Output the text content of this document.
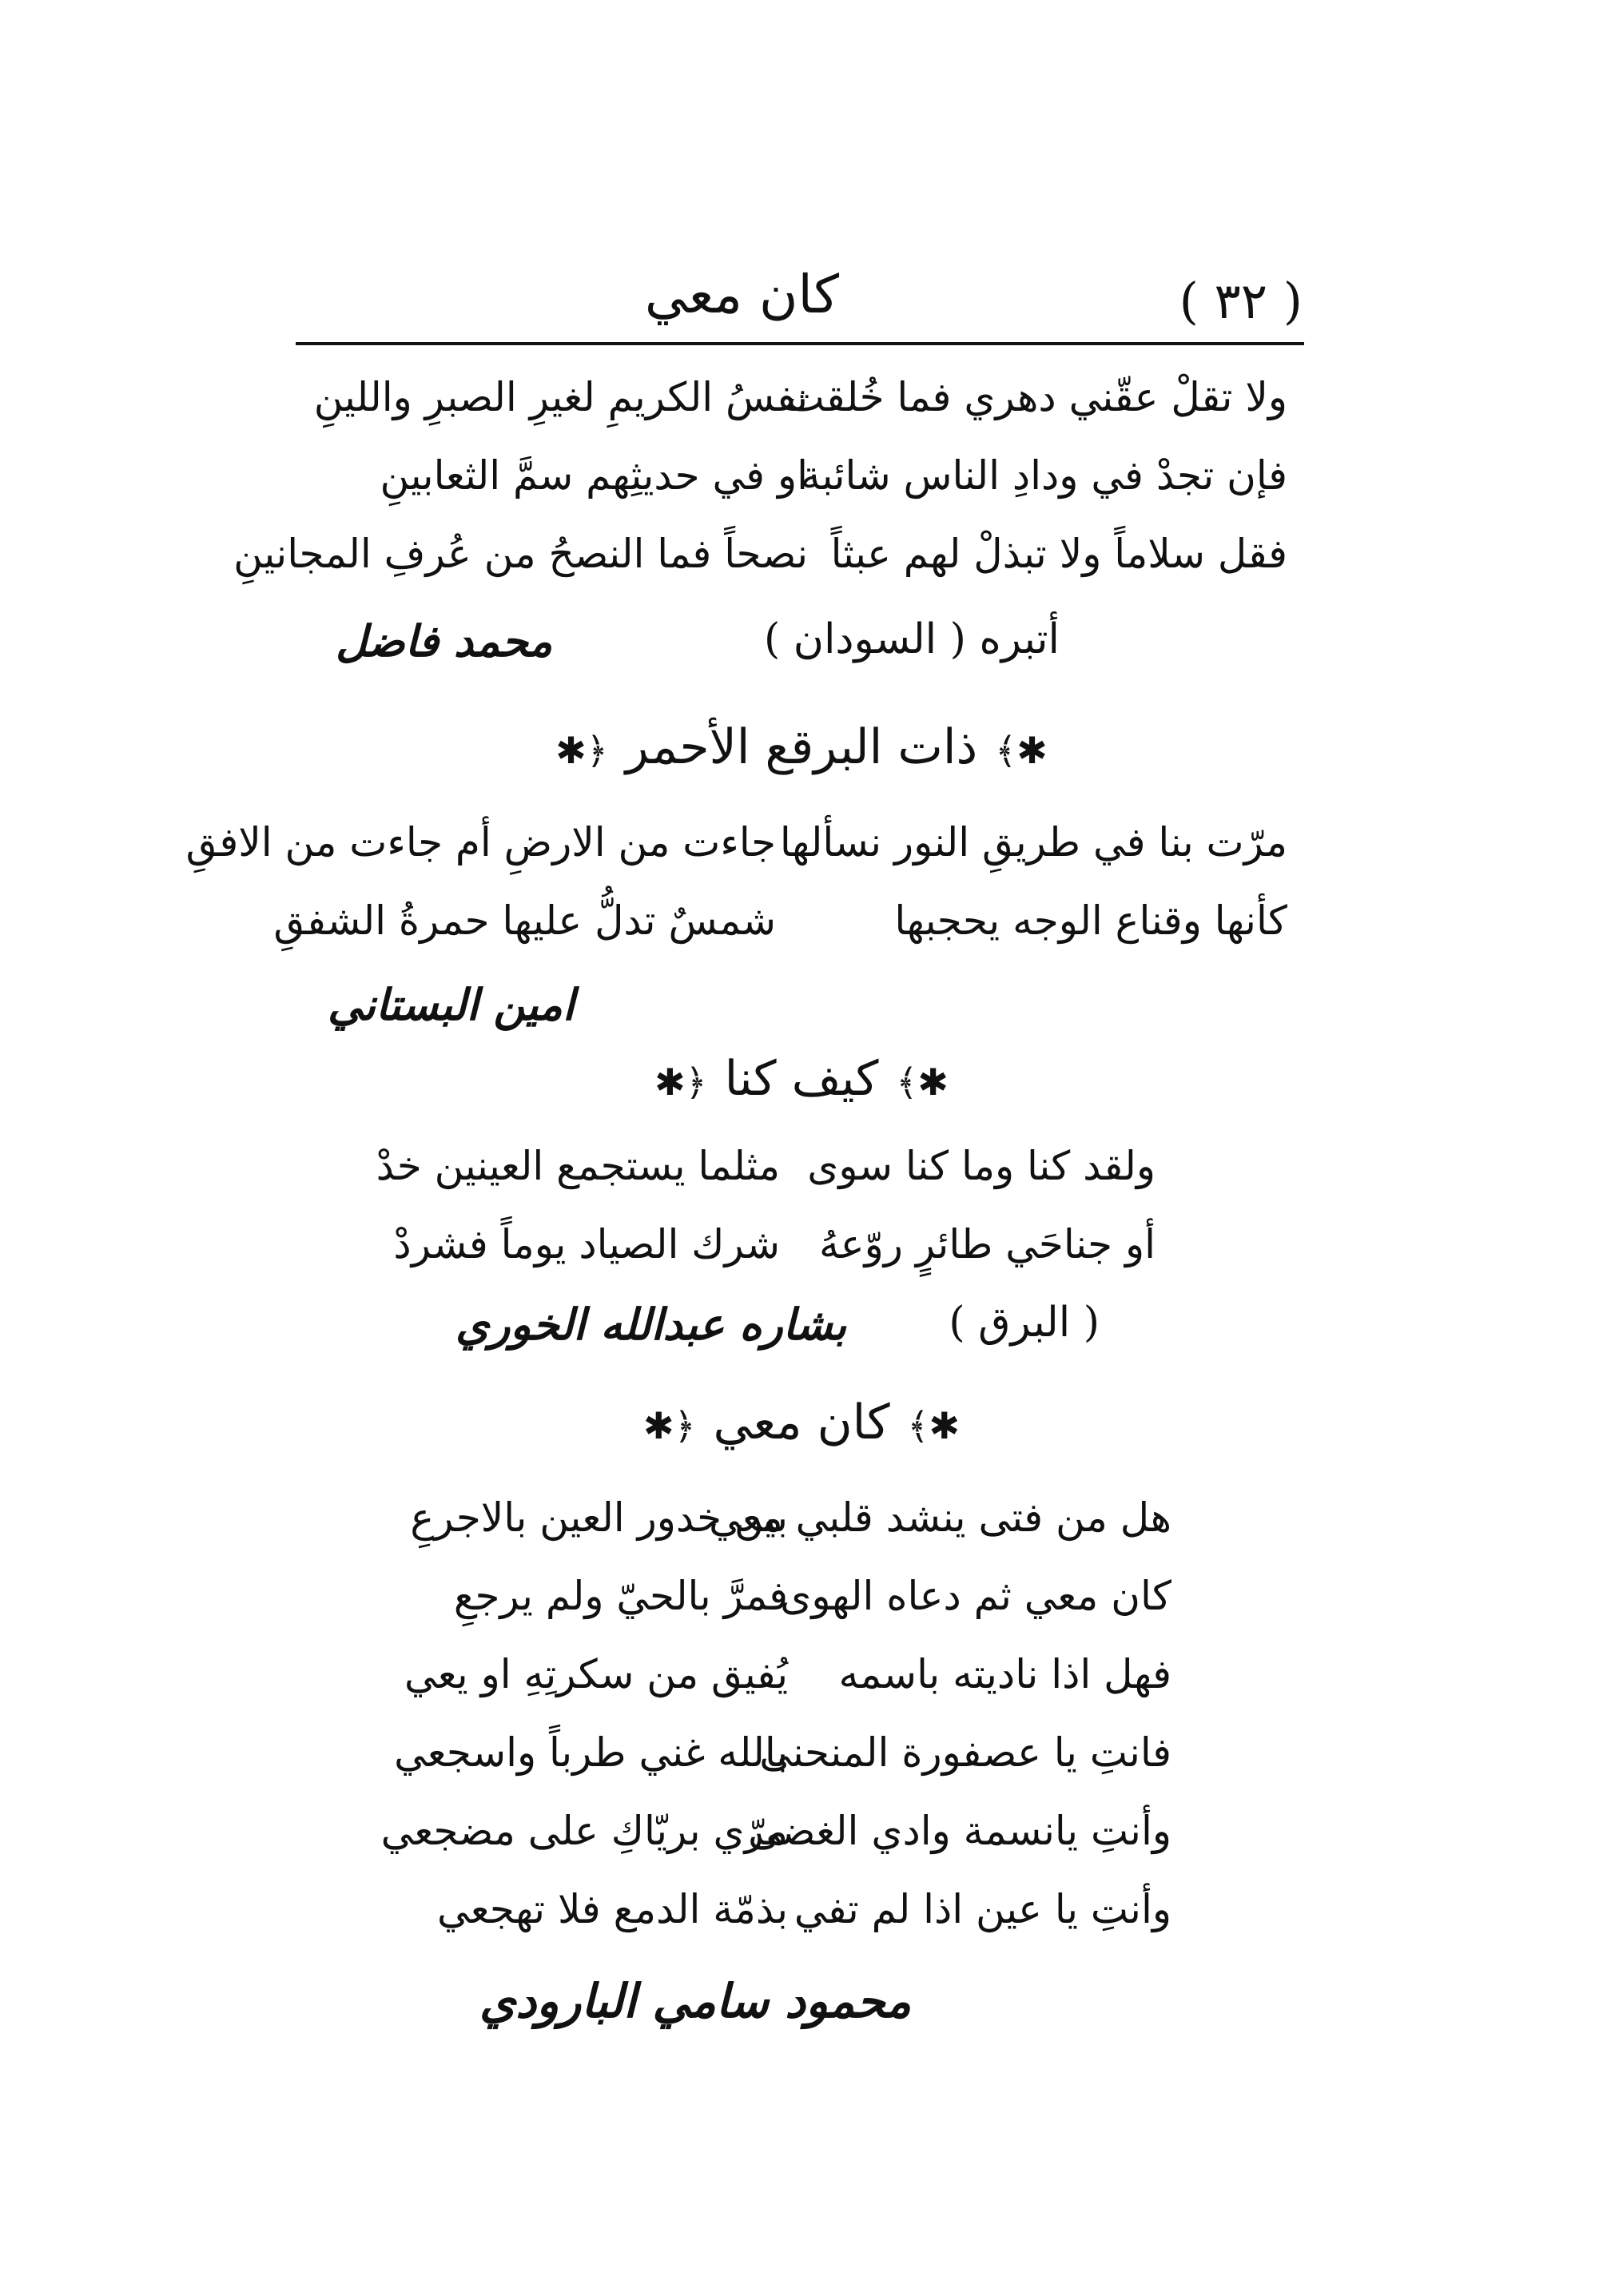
( ٣٢ )
كان معي
ولا تقلْ عقّني دهري فما خُلقت
نفسُ الكريمِ لغيرِ الصبرِ واللينِ
فإن تجدْ في ودادِ الناس شائبة
او في حديثِهم سمَّ الثعابينِ
فقل سلاماً ولا تبذلْ لهم عبثاً
نصحاً فما النصحُ من عُرفِ المجانينِ
أتبره ( السودان )
محمد فاضل
✱﴾ذات البرقع الأحمر﴿✱
مرّت بنا في طريقِ النور نسألها
جاءت من الارضِ أم جاءت من الافقِ
كأنها وقناع الوجه يحجبها
شمسٌ تدلُّ عليها حمرةُ الشفقِ
امين البستاني
✱﴾كيف كنا﴿✱
ولقد كنا وما كنا سوى
مثلما يستجمع العينين خدْ
أو جناحَي طائرٍ روّعهُ
شرك الصياد يوماً فشردْ
( البرق )
بشاره عبدالله الخوري
✱﴾كان معي﴿✱
هل من فتى ينشد قلبي معي
بين خدور العين بالاجرعِ
كان معي ثم دعاه الهوى
فمرَّ بالحيّ ولم يرجعِ
فهل اذا ناديته باسمه
يُفيق من سكرتِهِ او يعي
فانتِ يا عصفورة المنحنى
بالله غني طرباً واسجعي
وأنتِ يانسمة وادي الغضى
مرّي بريّاكِ على مضجعي
وأنتِ يا عين اذا لم تفي
بذمّة الدمع فلا تهجعي
محمود سامي البارودي
